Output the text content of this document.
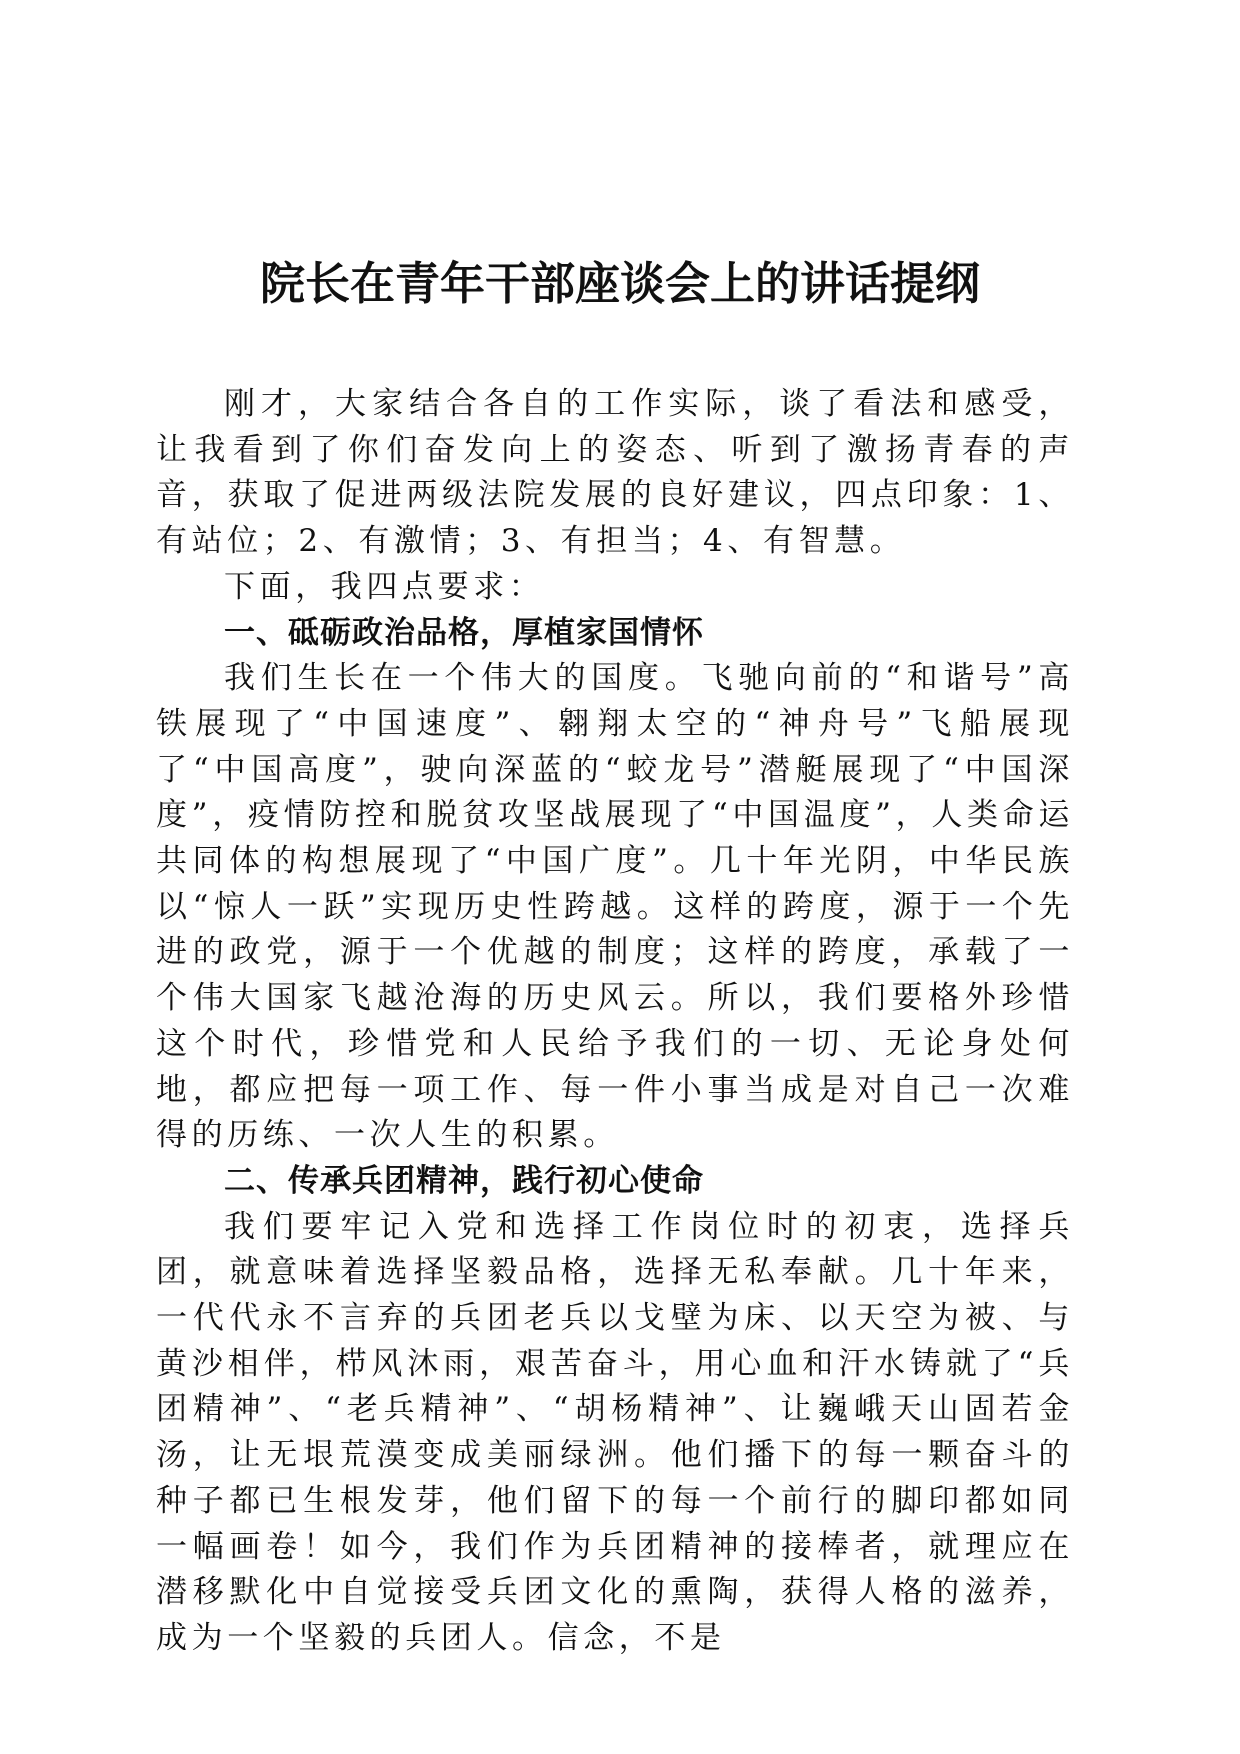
院长在青年干部座谈会上的讲话提纲

刚才，大家结合各自的工作实际，谈了看法和感受，让我看到了你们奋发向上的姿态、听到了激扬青春的声音，获取了促进两级法院发展的良好建议，四点印象：1、有站位；2、有激情；3、有担当；4、有智慧。

下面，我四点要求：

一、砥砺政治品格，厚植家国情怀

我们生长在一个伟大的国度。飞驰向前的“和谐号”高铁展现了“中国速度”、翱翔太空的“神舟号”飞船展现了“中国高度”，驶向深蓝的“蛟龙号”潜艇展现了“中国深度”，疫情防控和脱贫攻坚战展现了“中国温度”，人类命运共同体的构想展现了“中国广度”。几十年光阴，中华民族以“惊人一跃”实现历史性跨越。这样的跨度，源于一个先进的政党，源于一个优越的制度；这样的跨度，承载了一个伟大国家飞越沧海的历史风云。所以，我们要格外珍惜这个时代，珍惜党和人民给予我们的一切、无论身处何地，都应把每一项工作、每一件小事当成是对自己一次难得的历练、一次人生的积累。

二、传承兵团精神，践行初心使命

我们要牢记入党和选择工作岗位时的初衷，选择兵团，就意味着选择坚毅品格，选择无私奉献。几十年来，一代代永不言弃的兵团老兵以戈壁为床、以天空为被、与黄沙相伴，栉风沐雨，艰苦奋斗，用心血和汗水铸就了“兵团精神”、“老兵精神”、“胡杨精神”、让巍峨天山固若金汤，让无垠荒漠变成美丽绿洲。他们播下的每一颗奋斗的种子都已生根发芽，他们留下的每一个前行的脚印都如同一幅画卷！如今，我们作为兵团精神的接棒者，就理应在潜移默化中自觉接受兵团文化的熏陶，获得人格的滋养，成为一个坚毅的兵团人。信念，不是
